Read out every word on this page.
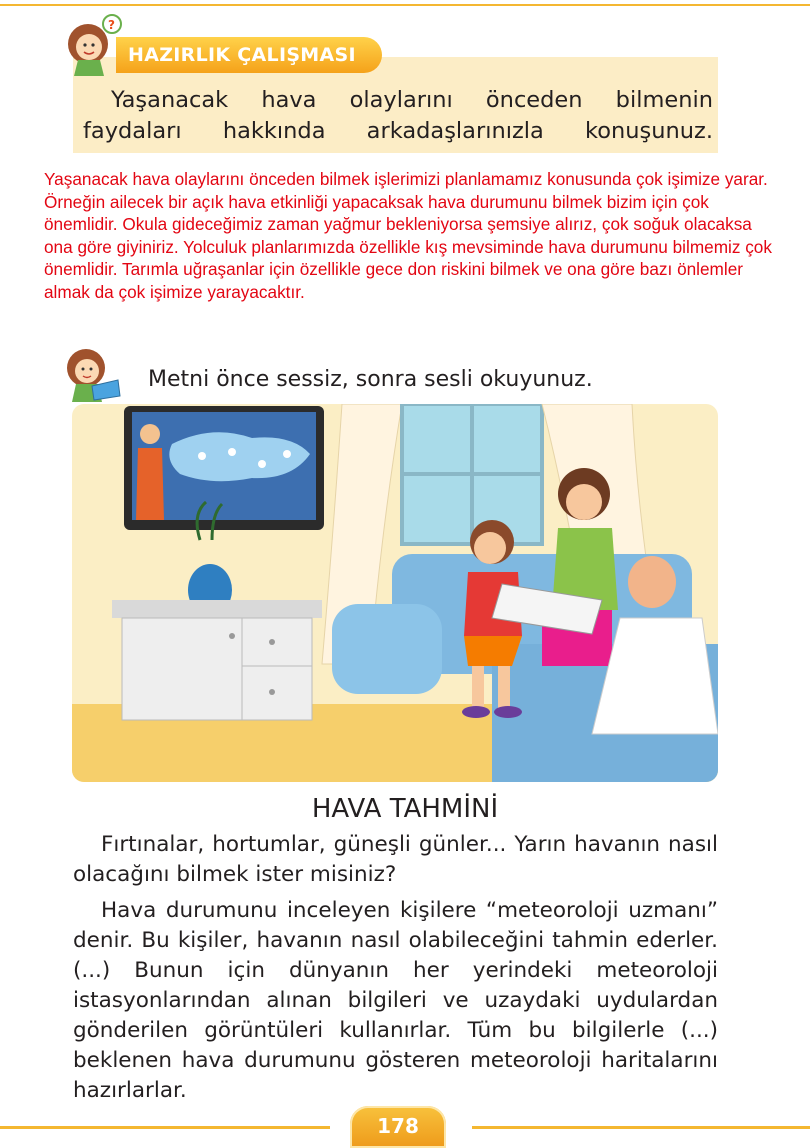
?
HAZIRLIK ÇALIŞMASI

Yaşanacak hava olaylarını önceden bilmenin faydaları hakkında arkadaşlarınızla konuşunuz.

Yaşanacak hava olaylarını önceden bilmek işlerimizi planlamamız konusunda çok işimize yarar. Örneğin ailecek bir açık hava etkinliği yapacaksak hava durumunu bilmek bizim için çok önemlidir. Okula gideceğimiz zaman yağmur bekleniyorsa şemsiye alırız, çok soğuk olacaksa ona göre giyiniriz. Yolculuk planlarımızda özellikle kış mevsiminde hava durumunu bilmemiz çok önemlidir. Tarımla uğraşanlar için özellikle gece don riskini bilmek ve ona göre bazı önlemler almak da çok işimize yarayacaktır.

Metni önce sessiz, sonra sesli okuyunuz.

HAVA TAHMİNİ

Fırtınalar, hortumlar, güneşli günler... Yarın havanın nasıl olacağını bilmek ister misiniz?

Hava durumunu inceleyen kişilere “meteoroloji uzmanı” denir. Bu kişiler, havanın nasıl olabileceğini tahmin ederler. (...) Bunun için dünyanın her yerindeki meteoroloji istasyonlarından alınan bilgileri ve uzaydaki uydulardan gönderilen görüntüleri kullanırlar. Tüm bu bilgilerle (...) beklenen hava durumunu gösteren meteoroloji haritalarını hazırlarlar.

178
